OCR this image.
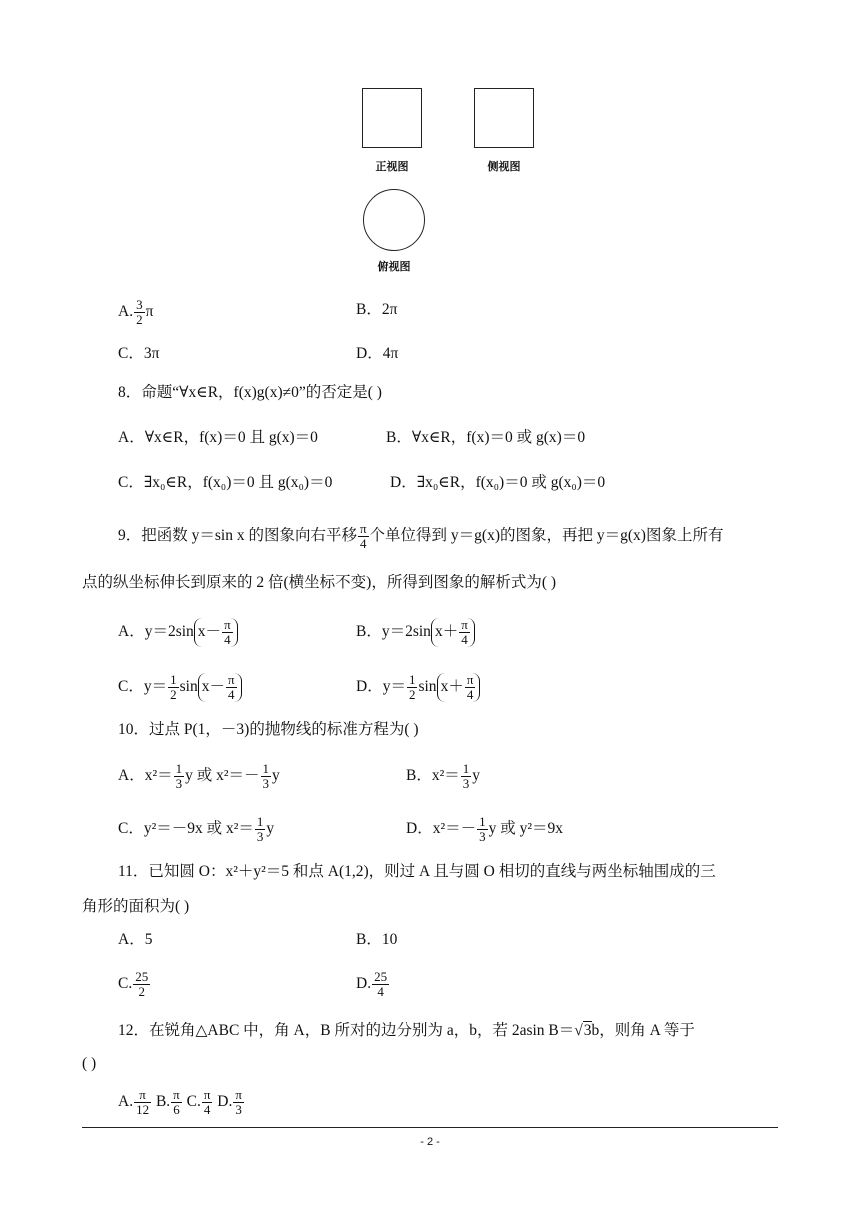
正视图	侧视图
俯视图
A. $\frac{3}{2}$ π	B．2π
C．3π	D．4π
8．命题“∀x∈R，f(x)g(x)≠0”的否定是( )
A．∀x∈R，f(x)＝0 且 g(x)＝0	B．∀x∈R，f(x)＝0 或 g(x)＝0
C．∃x₀∈R，f(x₀)＝0 且 g(x₀)＝0	D．∃x₀∈R，f(x₀)＝0 或 g(x₀)＝0
9．把函数 y＝sin x 的图象向右平移 $\frac{\pi}{4}$ 个单位得到 y＝g(x)的图象，再把 y＝g(x)图象上所有
点的纵坐标伸长到原来的 2 倍(横坐标不变)，所得到图象的解析式为( )
A．y＝2sin $x- \frac{\pi}{4}$	B．y＝2sin $x+ \frac{\pi}{4}$
C．$y= \frac{1}{2}$ $\sin x- \frac{\pi}{4}$	D．$y= \frac{1}{2}$ $\sin x+ \frac{\pi}{4}$
10．过点 P(1，－3)的抛物线的标准方程为( )
A．$x^2= \frac{1}{3}$ y 或 $x^2=- \frac{1}{3}$ y	B．$x^2= \frac{1}{3}$ y
C．y²＝－9x 或 $x^2= \frac{1}{3}$ y	D．$x^2=- \frac{1}{3}$ y 或 y²＝9x
11．已知圆 O：x²＋y²＝5 和点 A(1,2)，则过 A 且与圆 O 相切的直线与两坐标轴围成的三
角形的面积为( )
A．5	B．10
C. $\frac{25}{2}$	D. $\frac{25}{4}$
12．在锐角△ABC 中，角 A，B 所对的边分别为 a，b，若 2asin B＝√3b，则角 A 等于
( )
A. $\frac{\pi}{12} B$. $\frac{\pi}{6} C$. $\frac{\pi}{4} D$. $\frac{\pi}{3}$
- 2 -
